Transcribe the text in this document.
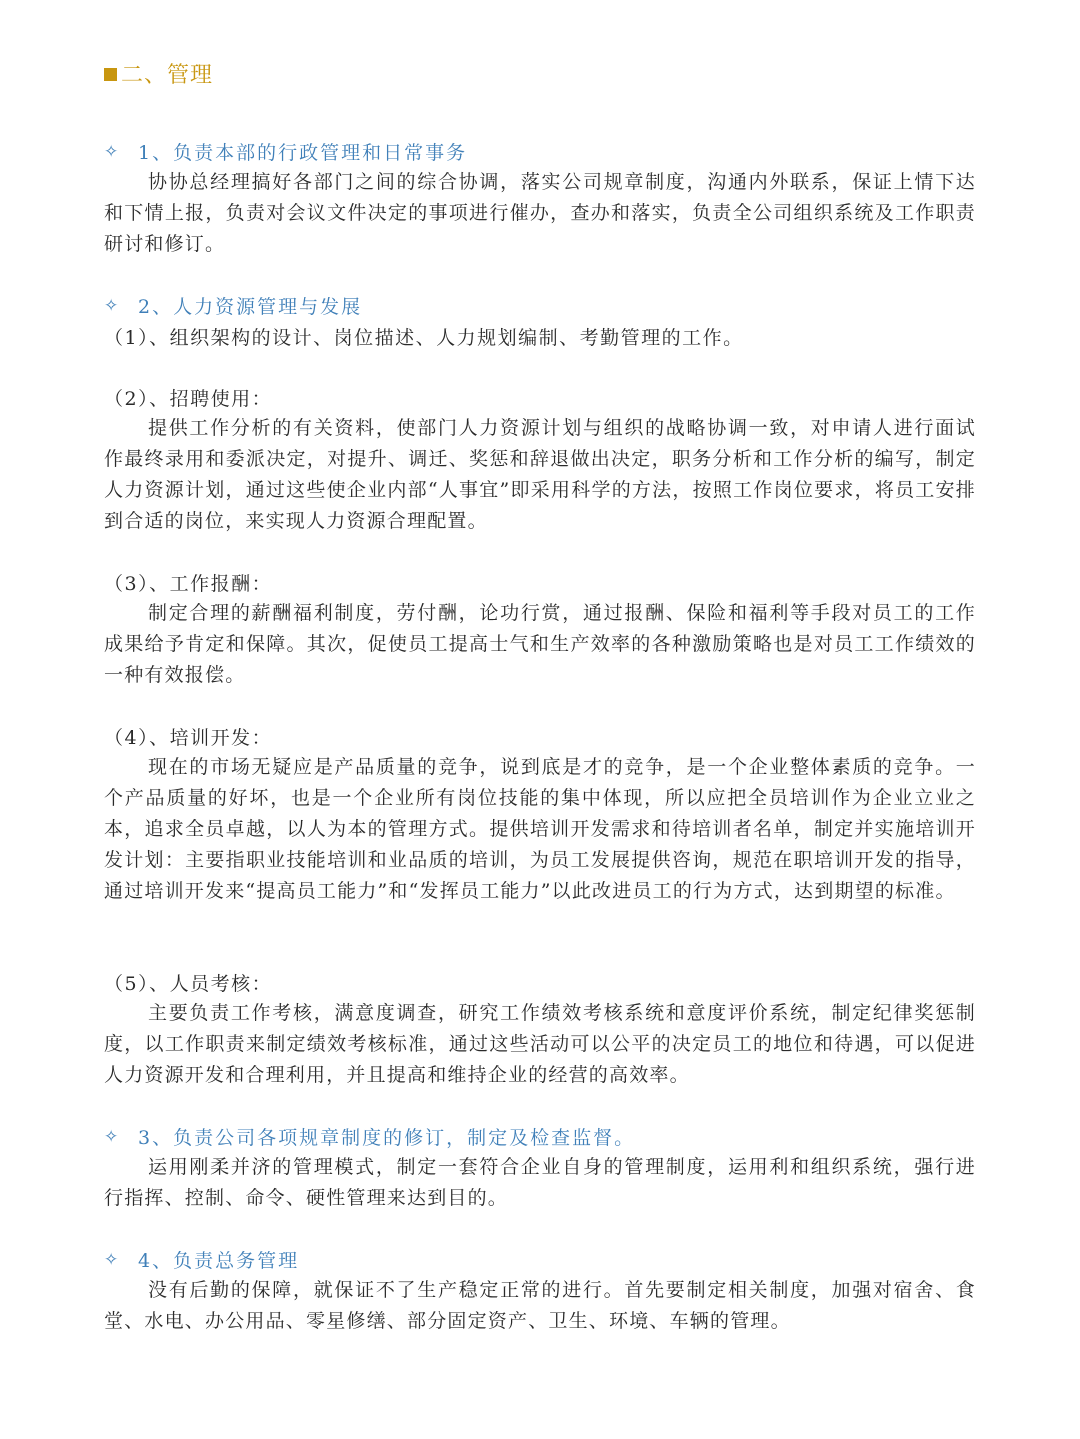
二、管理
✧ 1、负责本部的行政管理和日常事务

协协总经理搞好各部门之间的综合协调，落实公司规章制度，沟通内外联系，保证上情下达和下情上报，负责对会议文件决定的事项进行催办，查办和落实，负责全公司组织系统及工作职责研讨和修订。

✧ 2、人力资源管理与发展
（1）、组织架构的设计、岗位描述、人力规划编制、考勤管理的工作。
（2）、招聘使用：

提供工作分析的有关资料，使部门人力资源计划与组织的战略协调一致，对申请人进行面试作最终录用和委派决定，对提升、调迁、奖惩和辞退做出决定，职务分析和工作分析的编写，制定人力资源计划，通过这些使企业内部“人事宜”即采用科学的方法，按照工作岗位要求，将员工安排到合适的岗位，来实现人力资源合理配置。

（3）、工作报酬：

制定合理的薪酬福利制度，劳付酬，论功行赏，通过报酬、保险和福利等手段对员工的工作成果给予肯定和保障。其次，促使员工提高士气和生产效率的各种激励策略也是对员工工作绩效的一种有效报偿。

（4）、培训开发：

现在的市场无疑应是产品质量的竞争，说到底是才的竞争，是一个企业整体素质的竞争。一个产品质量的好坏，也是一个企业所有岗位技能的集中体现，所以应把全员培训作为企业立业之本，追求全员卓越，以人为本的管理方式。提供培训开发需求和待培训者名单，制定并实施培训开发计划：主要指职业技能培训和业品质的培训，为员工发展提供咨询，规范在职培训开发的指导，通过培训开发来“提高员工能力”和“发挥员工能力”以此改进员工的行为方式，达到期望的标准。

（5）、人员考核：

主要负责工作考核，满意度调查，研究工作绩效考核系统和意度评价系统，制定纪律奖惩制度，以工作职责来制定绩效考核标准，通过这些活动可以公平的决定员工的地位和待遇，可以促进人力资源开发和合理利用，并且提高和维持企业的经营的高效率。

✧ 3、负责公司各项规章制度的修订，制定及检查监督。

运用刚柔并济的管理模式，制定一套符合企业自身的管理制度，运用利和组织系统，强行进行指挥、控制、命令、硬性管理来达到目的。

✧ 4、负责总务管理

没有后勤的保障，就保证不了生产稳定正常的进行。首先要制定相关制度，加强对宿舍、食堂、水电、办公用品、零星修缮、部分固定资产、卫生、环境、车辆的管理。
